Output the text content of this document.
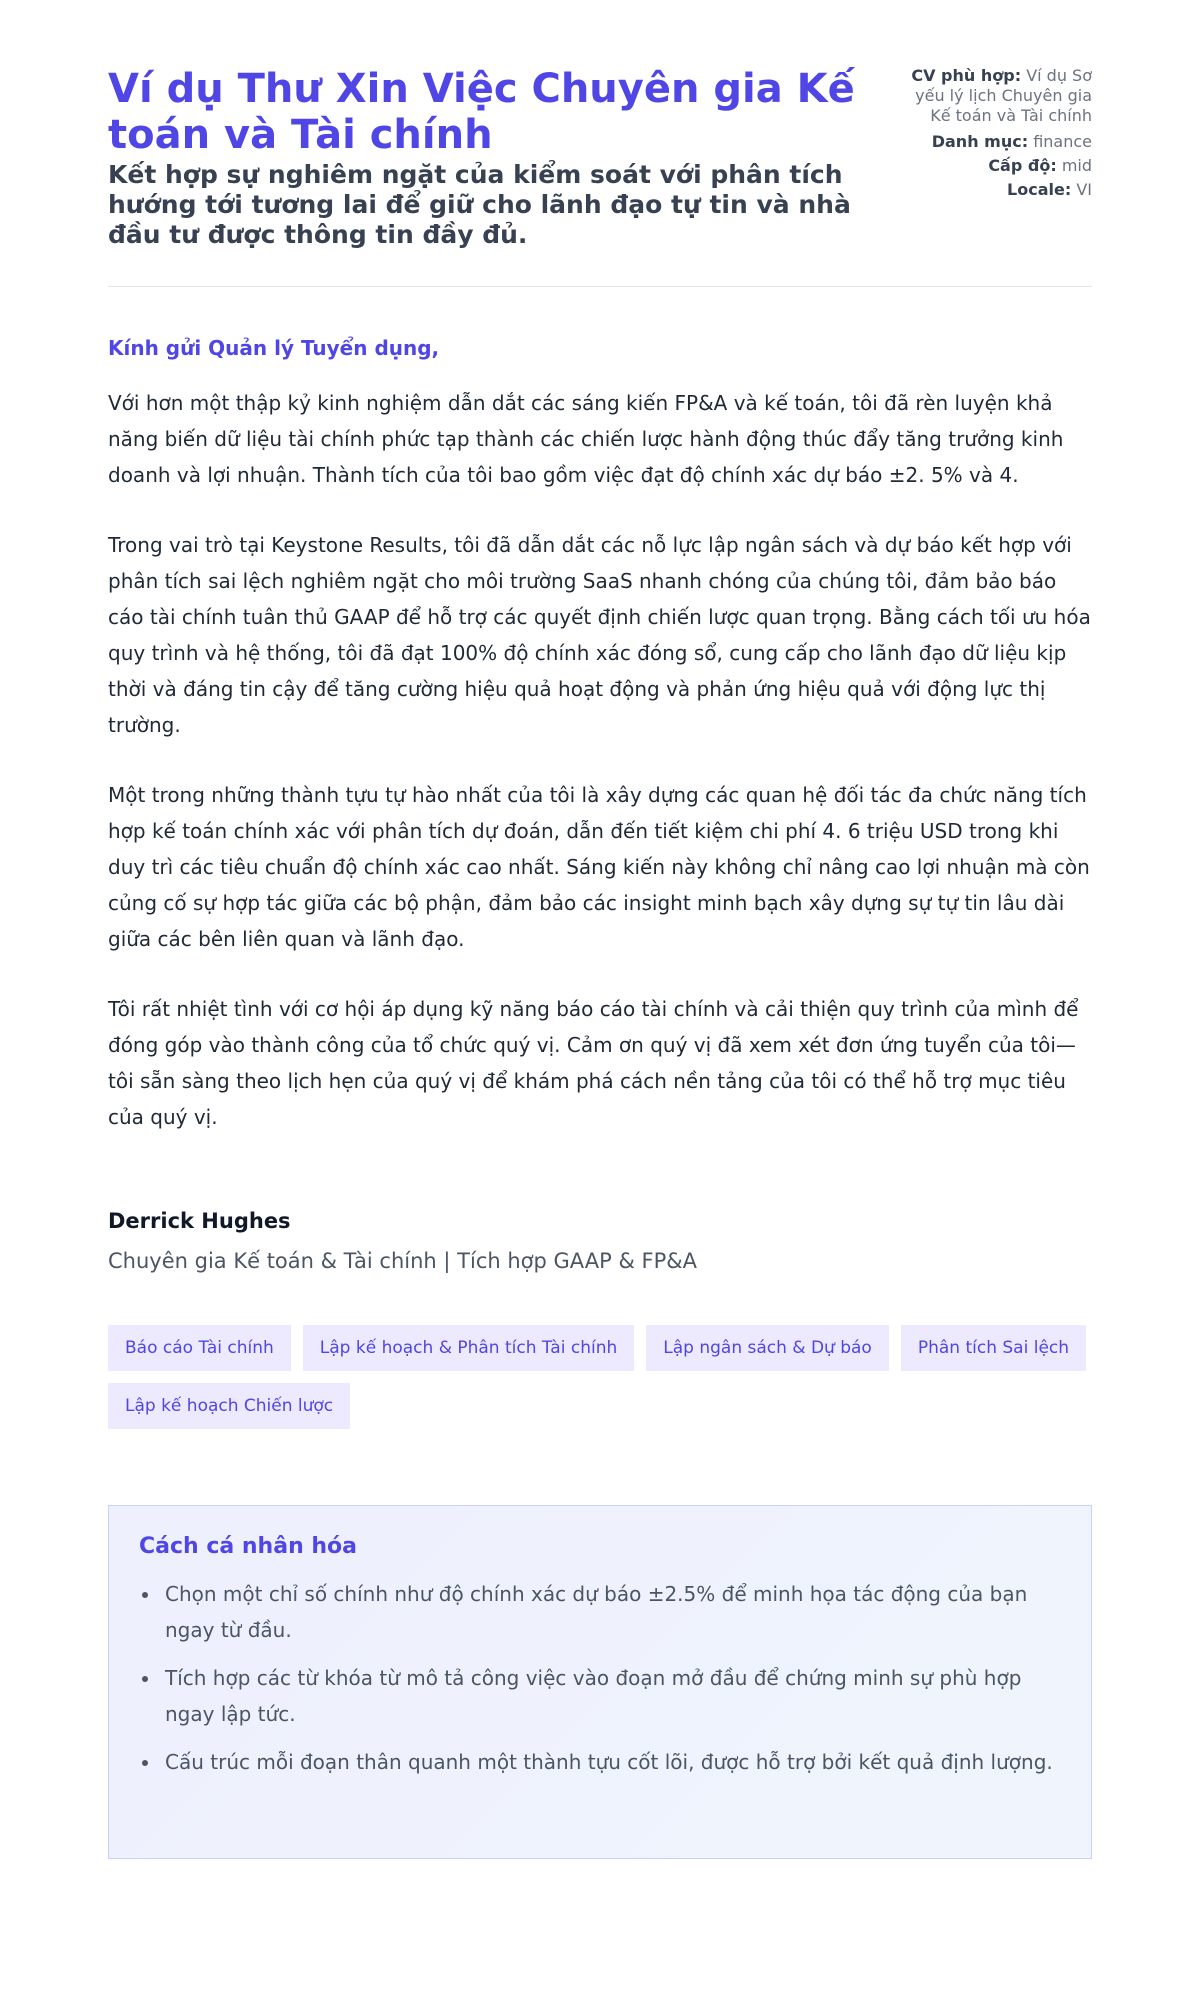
Ví dụ Thư Xin Việc Chuyên gia Kế toán và Tài chính
Kết hợp sự nghiêm ngặt của kiểm soát với phân tích hướng tới tương lai để giữ cho lãnh đạo tự tin và nhà đầu tư được thông tin đầy đủ.
CV phù hợp: Ví dụ Sơ yếu lý lịch Chuyên gia Kế toán và Tài chính
Danh mục: finance
Cấp độ: mid
Locale: VI
Kính gửi Quản lý Tuyển dụng,

Với hơn một thập kỷ kinh nghiệm dẫn dắt các sáng kiến FP&A và kế toán, tôi đã rèn luyện khả năng biến dữ liệu tài chính phức tạp thành các chiến lược hành động thúc đẩy tăng trưởng kinh doanh và lợi nhuận. Thành tích của tôi bao gồm việc đạt độ chính xác dự báo ±2. 5% và 4.

Trong vai trò tại Keystone Results, tôi đã dẫn dắt các nỗ lực lập ngân sách và dự báo kết hợp với phân tích sai lệch nghiêm ngặt cho môi trường SaaS nhanh chóng của chúng tôi, đảm bảo báo cáo tài chính tuân thủ GAAP để hỗ trợ các quyết định chiến lược quan trọng. Bằng cách tối ưu hóa quy trình và hệ thống, tôi đã đạt 100% độ chính xác đóng sổ, cung cấp cho lãnh đạo dữ liệu kịp thời và đáng tin cậy để tăng cường hiệu quả hoạt động và phản ứng hiệu quả với động lực thị trường.

Một trong những thành tựu tự hào nhất của tôi là xây dựng các quan hệ đối tác đa chức năng tích hợp kế toán chính xác với phân tích dự đoán, dẫn đến tiết kiệm chi phí 4. 6 triệu USD trong khi duy trì các tiêu chuẩn độ chính xác cao nhất. Sáng kiến này không chỉ nâng cao lợi nhuận mà còn củng cố sự hợp tác giữa các bộ phận, đảm bảo các insight minh bạch xây dựng sự tự tin lâu dài giữa các bên liên quan và lãnh đạo.

Tôi rất nhiệt tình với cơ hội áp dụng kỹ năng báo cáo tài chính và cải thiện quy trình của mình để đóng góp vào thành công của tổ chức quý vị. Cảm ơn quý vị đã xem xét đơn ứng tuyển của tôi—tôi sẵn sàng theo lịch hẹn của quý vị để khám phá cách nền tảng của tôi có thể hỗ trợ mục tiêu của quý vị.

Derrick Hughes
Chuyên gia Kế toán & Tài chính | Tích hợp GAAP & FP&A
Báo cáo Tài chính	Lập kế hoạch & Phân tích Tài chính	Lập ngân sách & Dự báo	Phân tích Sai lệch
Lập kế hoạch Chiến lược
Cách cá nhân hóa
Chọn một chỉ số chính như độ chính xác dự báo ±2.5% để minh họa tác động của bạn ngay từ đầu.
Tích hợp các từ khóa từ mô tả công việc vào đoạn mở đầu để chứng minh sự phù hợp ngay lập tức.
Cấu trúc mỗi đoạn thân quanh một thành tựu cốt lõi, được hỗ trợ bởi kết quả định lượng.
